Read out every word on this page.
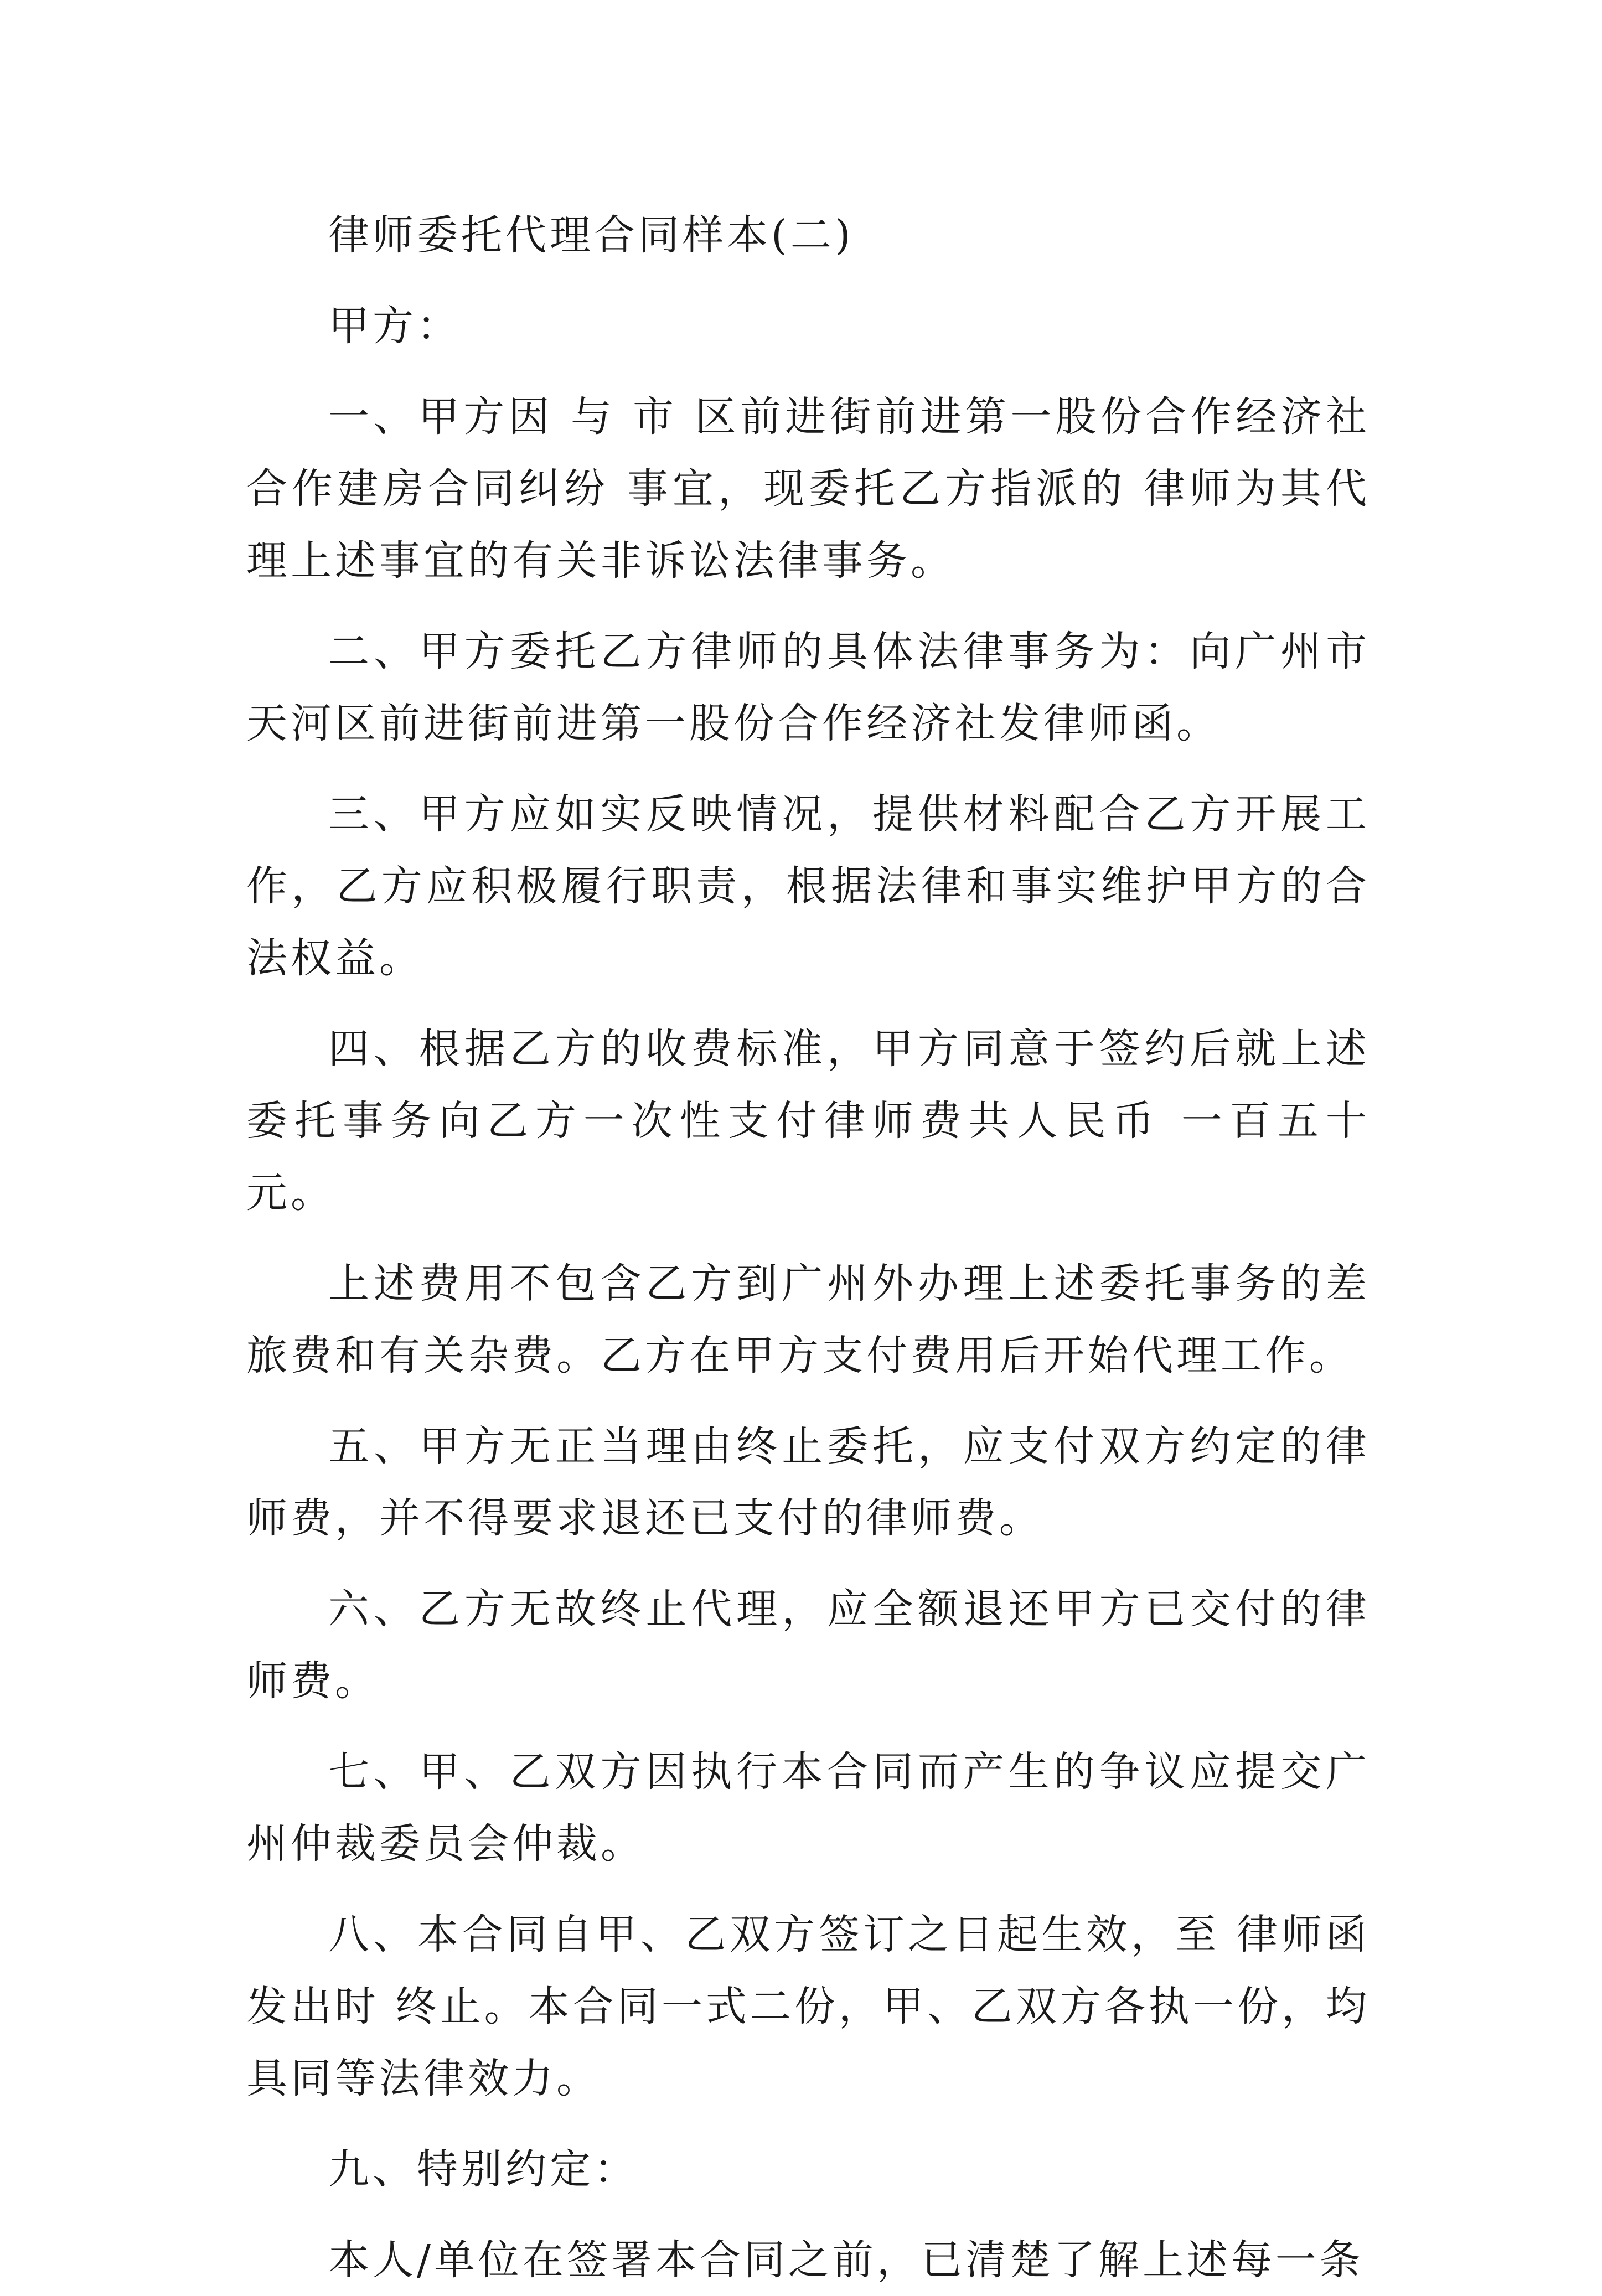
律师委托代理合同样本(二)

甲方：

一、甲方因 与 市 区前进街前进第一股份合作经济社合作建房合同纠纷 事宜，现委托乙方指派的 律师为其代理上述事宜的有关非诉讼法律事务。

二、甲方委托乙方律师的具体法律事务为：向广州市天河区前进街前进第一股份合作经济社发律师函。

三、甲方应如实反映情况，提供材料配合乙方开展工作，乙方应积极履行职责，根据法律和事实维护甲方的合法权益。

四、根据乙方的收费标准，甲方同意于签约后就上述委托事务向乙方一次性支付律师费共人民币 一百五十 元。

上述费用不包含乙方到广州外办理上述委托事务的差旅费和有关杂费。乙方在甲方支付费用后开始代理工作。

五、甲方无正当理由终止委托，应支付双方约定的律师费，并不得要求退还已支付的律师费。

六、乙方无故终止代理，应全额退还甲方已交付的律师费。

七、甲、乙双方因执行本合同而产生的争议应提交广州仲裁委员会仲裁。

八、本合同自甲、乙双方签订之日起生效，至 律师函发出时 终止。本合同一式二份，甲、乙双方各执一份，均具同等法律效力。

九、特别约定：

本人/单位在签署本合同之前，已清楚了解上述每一条
